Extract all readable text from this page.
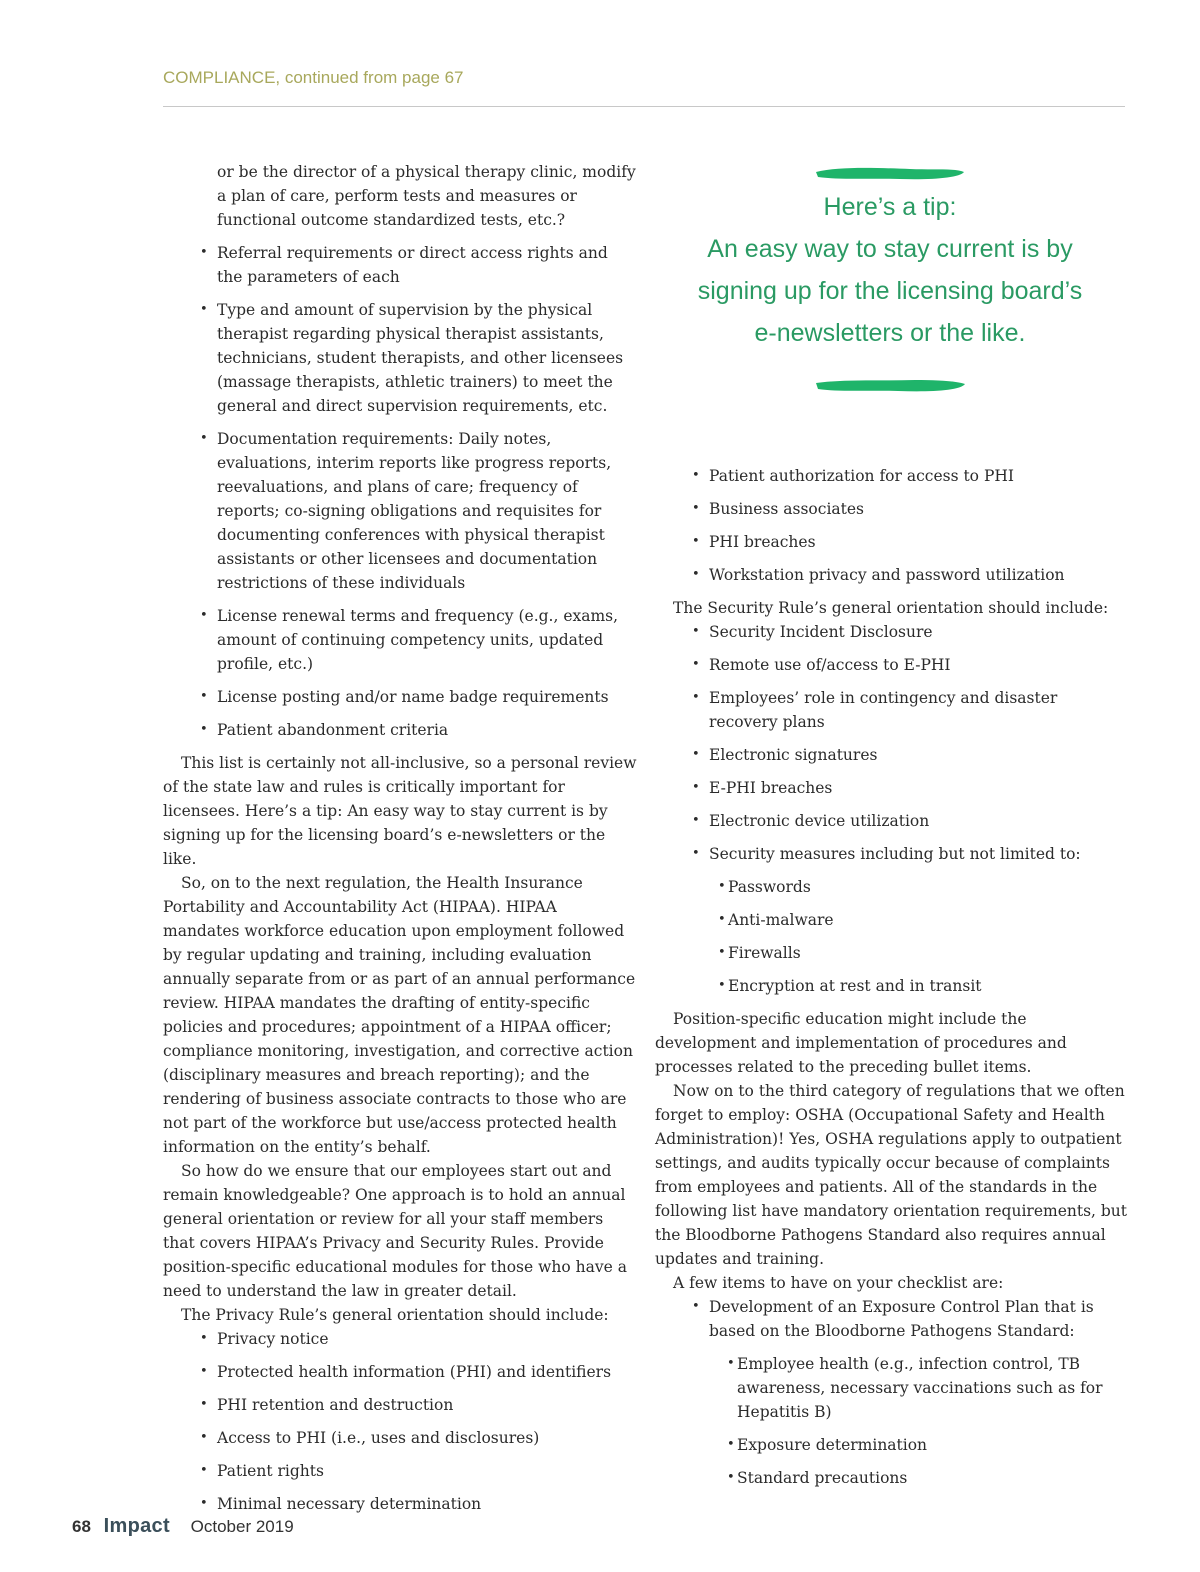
COMPLIANCE, continued from page 67

or be the director of a physical therapy clinic, modify a plan of care, perform tests and measures or functional outcome standardized tests, etc.?

• Referral requirements or direct access rights and the parameters of each
• Type and amount of supervision by the physical therapist regarding physical therapist assistants, technicians, student therapists, and other licensees (massage therapists, athletic trainers) to meet the general and direct supervision requirements, etc.
• Documentation requirements: Daily notes, evaluations, interim reports like progress reports, reevaluations, and plans of care; frequency of reports; co-signing obligations and requisites for documenting conferences with physical therapist assistants or other licensees and documentation restrictions of these individuals
• License renewal terms and frequency (e.g., exams, amount of continuing competency units, updated profile, etc.)
• License posting and/or name badge requirements
• Patient abandonment criteria

This list is certainly not all-inclusive, so a personal review of the state law and rules is critically important for licensees. Here’s a tip: An easy way to stay current is by signing up for the licensing board’s e-newsletters or the like.

So, on to the next regulation, the Health Insurance Portability and Accountability Act (HIPAA). HIPAA mandates workforce education upon employment followed by regular updating and training, including evaluation annually separate from or as part of an annual performance review. HIPAA mandates the drafting of entity-specific policies and procedures; appointment of a HIPAA officer; compliance monitoring, investigation, and corrective action (disciplinary measures and breach reporting); and the rendering of business associate contracts to those who are not part of the workforce but use/access protected health information on the entity’s behalf.

So how do we ensure that our employees start out and remain knowledgeable? One approach is to hold an annual general orientation or review for all your staff members that covers HIPAA’s Privacy and Security Rules. Provide position-specific educational modules for those who have a need to understand the law in greater detail.

The Privacy Rule’s general orientation should include:

• Privacy notice
• Protected health information (PHI) and identifiers
• PHI retention and destruction
• Access to PHI (i.e., uses and disclosures)
• Patient rights
• Minimal necessary determination

Here’s a tip:

An easy way to stay current is by

signing up for the licensing board’s

e-newsletters or the like.

• Patient authorization for access to PHI
• Business associates
• PHI breaches
• Workstation privacy and password utilization

The Security Rule’s general orientation should include:

• Security Incident Disclosure
• Remote use of/access to E-PHI
• Employees’ role in contingency and disaster recovery plans
• Electronic signatures
• E-PHI breaches
• Electronic device utilization
• Security measures including but not limited to:
• Passwords
• Anti-malware
• Firewalls
• Encryption at rest and in transit

Position-specific education might include the development and implementation of procedures and processes related to the preceding bullet items.

Now on to the third category of regulations that we often forget to employ: OSHA (Occupational Safety and Health Administration)! Yes, OSHA regulations apply to outpatient settings, and audits typically occur because of complaints from employees and patients. All of the standards in the following list have mandatory orientation requirements, but the Bloodborne Pathogens Standard also requires annual updates and training.

A few items to have on your checklist are:

• Development of an Exposure Control Plan that is based on the Bloodborne Pathogens Standard:
• Employee health (e.g., infection control, TB awareness, necessary vaccinations such as for Hepatitis B)
• Exposure determination
• Standard precautions
68 Impact October 2019
